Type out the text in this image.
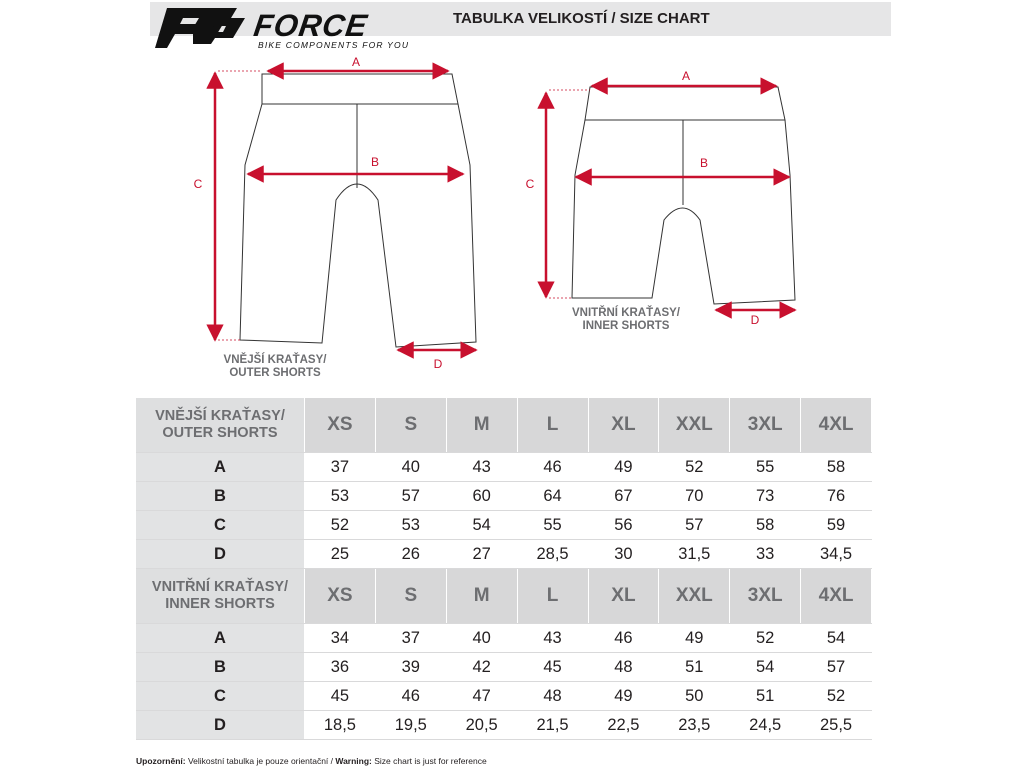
FORCE
BIKE COMPONENTS FOR YOU
TABULKA VELIKOSTÍ / SIZE CHART
A
B
C
D
A
B
C
D
VNĚJŠÍ KRAŤASY/
OUTER SHORTS
VNITŘNÍ KRAŤASY/
INNER SHORTS
VNĚJŠÍ KRAŤASY/
OUTER SHORTS	XS	S	M	L	XL	XXL	3XL	4XL
A	37	40	43	46	49	52	55	58
B	53	57	60	64	67	70	73	76
C	52	53	54	55	56	57	58	59
D	25	26	27	28,5	30	31,5	33	34,5

VNITŘNÍ KRAŤASY/
INNER SHORTS	XS	S	M	L	XL	XXL	3XL	4XL
A	34	37	40	43	46	49	52	54
B	36	39	42	45	48	51	54	57
C	45	46	47	48	49	50	51	52
D	18,5	19,5	20,5	21,5	22,5	23,5	24,5	25,5
Upozornění: Velikostní tabulka je pouze orientační / Warning: Size chart is just for reference
